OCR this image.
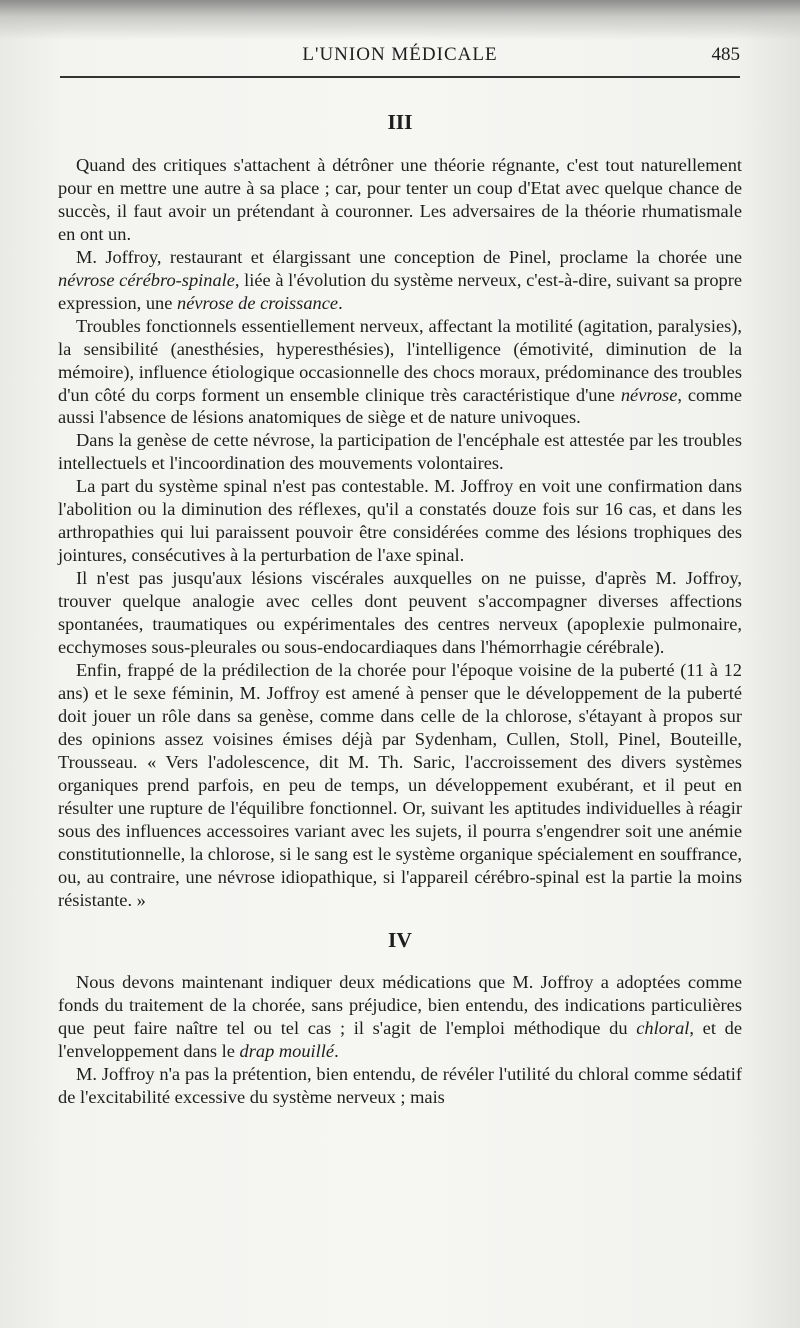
L'UNION MÉDICALE	485
III

Quand des critiques s'attachent à détrôner une théorie régnante, c'est tout naturellement pour en mettre une autre à sa place ; car, pour tenter un coup d'Etat avec quelque chance de succès, il faut avoir un prétendant à couronner. Les adversaires de la théorie rhumatismale en ont un.

M. Joffroy, restaurant et élargissant une conception de Pinel, proclame la chorée une névrose cérébro-spinale, liée à l'évolution du système nerveux, c'est-à-dire, suivant sa propre expression, une névrose de croissance.

Troubles fonctionnels essentiellement nerveux, affectant la motilité (agitation, paralysies), la sensibilité (anesthésies, hyperesthésies), l'intelligence (émotivité, diminution de la mémoire), influence étiologique occasionnelle des chocs moraux, prédominance des troubles d'un côté du corps forment un ensemble clinique très caractéristique d'une névrose, comme aussi l'absence de lésions anatomiques de siège et de nature univoques.

Dans la genèse de cette névrose, la participation de l'encéphale est attestée par les troubles intellectuels et l'incoordination des mouvements volontaires.

La part du système spinal n'est pas contestable. M. Joffroy en voit une confirmation dans l'abolition ou la diminution des réflexes, qu'il a constatés douze fois sur 16 cas, et dans les arthropathies qui lui paraissent pouvoir être considérées comme des lésions trophiques des jointures, consécutives à la perturbation de l'axe spinal.

Il n'est pas jusqu'aux lésions viscérales auxquelles on ne puisse, d'après M. Joffroy, trouver quelque analogie avec celles dont peuvent s'accompagner diverses affections spontanées, traumatiques ou expérimentales des centres nerveux (apoplexie pulmonaire, ecchymoses sous-pleurales ou sous-endocardiaques dans l'hémorrhagie cérébrale).

Enfin, frappé de la prédilection de la chorée pour l'époque voisine de la puberté (11 à 12 ans) et le sexe féminin, M. Joffroy est amené à penser que le développement de la puberté doit jouer un rôle dans sa genèse, comme dans celle de la chlorose, s'étayant à propos sur des opinions assez voisines émises déjà par Sydenham, Cullen, Stoll, Pinel, Bouteille, Trousseau. « Vers l'adolescence, dit M. Th. Saric, l'accroissement des divers systèmes organiques prend parfois, en peu de temps, un développement exubérant, et il peut en résulter une rupture de l'équilibre fonctionnel. Or, suivant les aptitudes individuelles à réagir sous des influences accessoires variant avec les sujets, il pourra s'engendrer soit une anémie constitutionnelle, la chlorose, si le sang est le système organique spécialement en souffrance, ou, au contraire, une névrose idiopathique, si l'appareil cérébro-spinal est la partie la moins résistante. »

IV

Nous devons maintenant indiquer deux médications que M. Joffroy a adoptées comme fonds du traitement de la chorée, sans préjudice, bien entendu, des indications particulières que peut faire naître tel ou tel cas ; il s'agit de l'emploi méthodique du chloral, et de l'enveloppement dans le drap mouillé.

M. Joffroy n'a pas la prétention, bien entendu, de révéler l'utilité du chloral comme sédatif de l'excitabilité excessive du système nerveux ; mais
